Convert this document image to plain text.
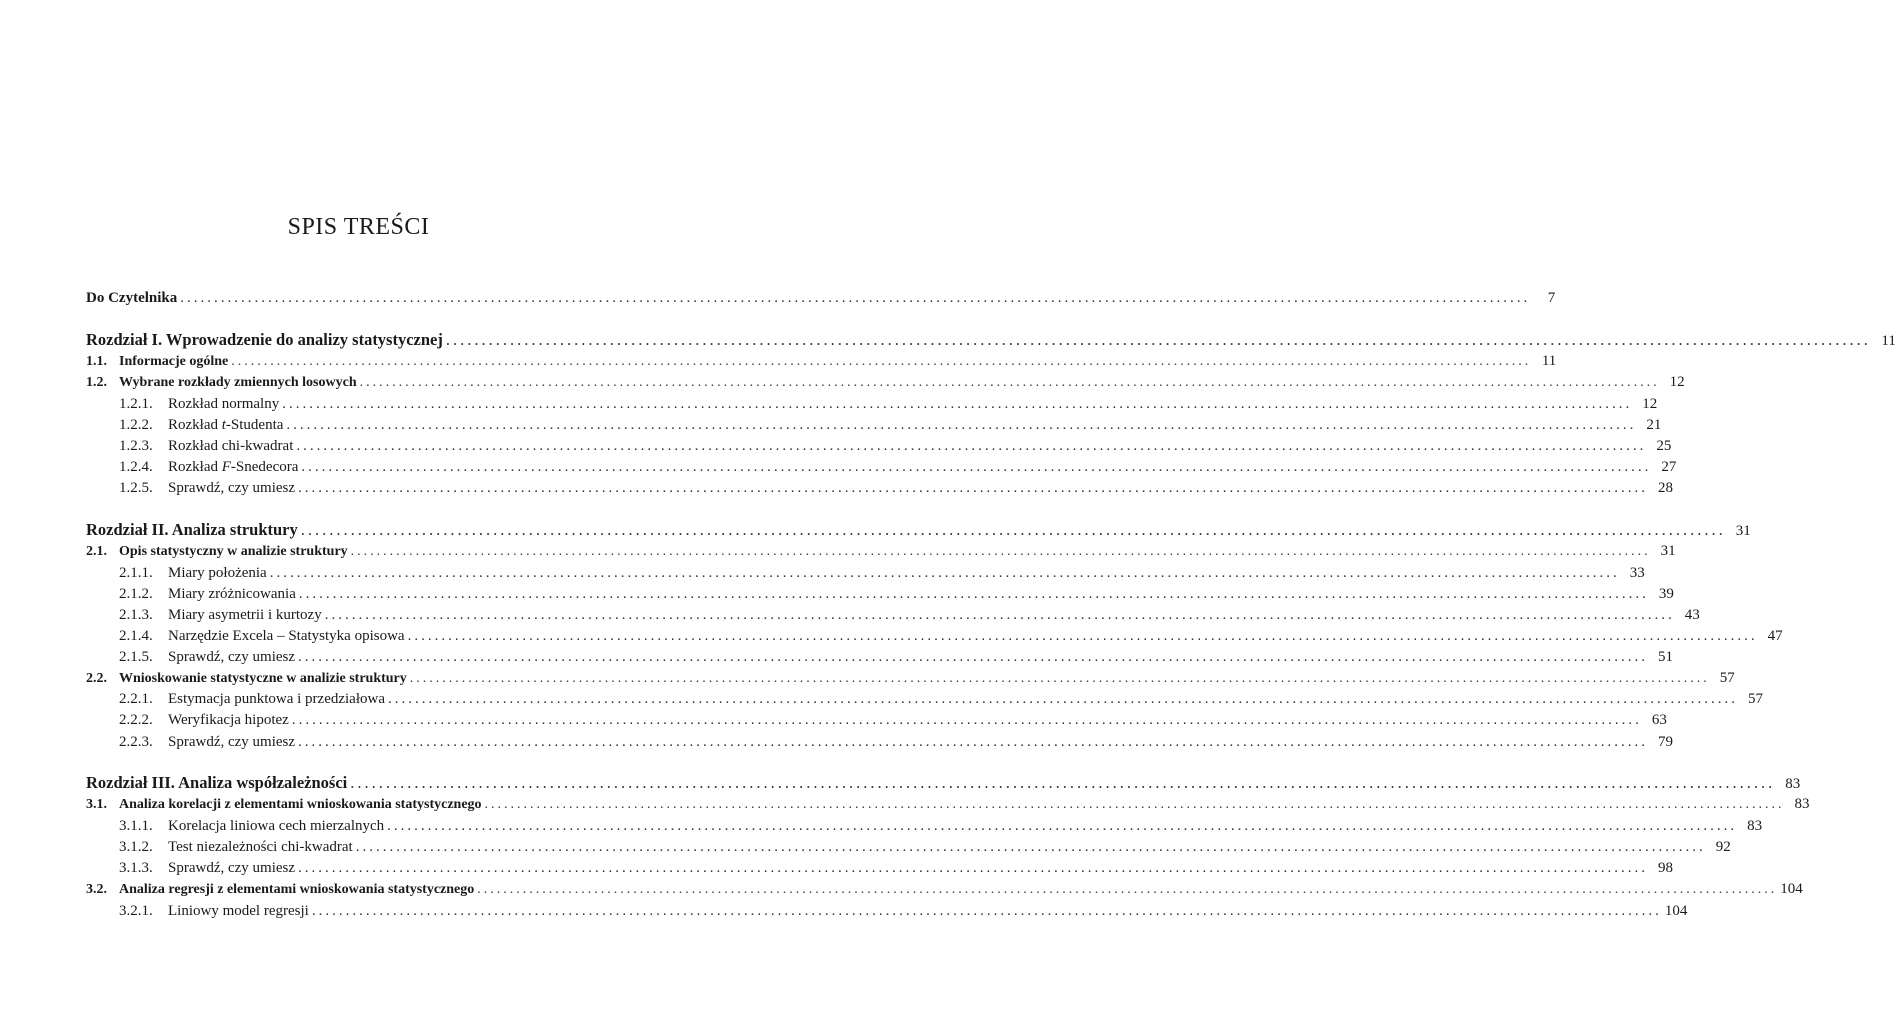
SPIS TREŚCI
Do Czytelnika ........................................................................................................................................................................................................	7
Rozdział I. Wprowadzenie do analizy statystycznej ........................................................................................................................................................................................................ 11
1.1. Informacje ogólne ........................................................................................................................................................................................................ 11
1.2. Wybrane rozkłady zmiennych losowych ........................................................................................................................................................................................................ 12
1.2.1.	Rozkład normalny ........................................................................................................................................................................................................ 12
1.2.2.	Rozkład t-Studenta ........................................................................................................................................................................................................ 21
1.2.3.	Rozkład chi-kwadrat ........................................................................................................................................................................................................ 25
1.2.4.	Rozkład F-Snedecora ........................................................................................................................................................................................................ 27
1.2.5.	Sprawdź, czy umiesz ........................................................................................................................................................................................................ 28
Rozdział II. Analiza struktury ........................................................................................................................................................................................................ 31
2.1. Opis statystyczny w analizie struktury ........................................................................................................................................................................................................ 31
2.1.1.	Miary położenia ........................................................................................................................................................................................................ 33
2.1.2.	Miary zróżnicowania ........................................................................................................................................................................................................ 39
2.1.3.	Miary asymetrii i kurtozy ........................................................................................................................................................................................................ 43
2.1.4.	Narzędzie Excela – Statystyka opisowa ........................................................................................................................................................................................................ 47
2.1.5.	Sprawdź, czy umiesz ........................................................................................................................................................................................................ 51
2.2. Wnioskowanie statystyczne w analizie struktury ........................................................................................................................................................................................................ 57
2.2.1.	Estymacja punktowa i przedziałowa ........................................................................................................................................................................................................ 57
2.2.2.	Weryfikacja hipotez ........................................................................................................................................................................................................ 63
2.2.3.	Sprawdź, czy umiesz ........................................................................................................................................................................................................ 79
Rozdział III. Analiza współzależności ........................................................................................................................................................................................................ 83
3.1. Analiza korelacji z elementami wnioskowania statystycznego ........................................................................................................................................................................................................ 83
3.1.1.	Korelacja liniowa cech mierzalnych ........................................................................................................................................................................................................ 83
3.1.2.	Test niezależności chi-kwadrat ........................................................................................................................................................................................................ 92
3.1.3.	Sprawdź, czy umiesz ........................................................................................................................................................................................................ 98
3.2. Analiza regresji z elementami wnioskowania statystycznego ........................................................................................................................................................................................................ 104
3.2.1.	Liniowy model regresji ........................................................................................................................................................................................................ 104
